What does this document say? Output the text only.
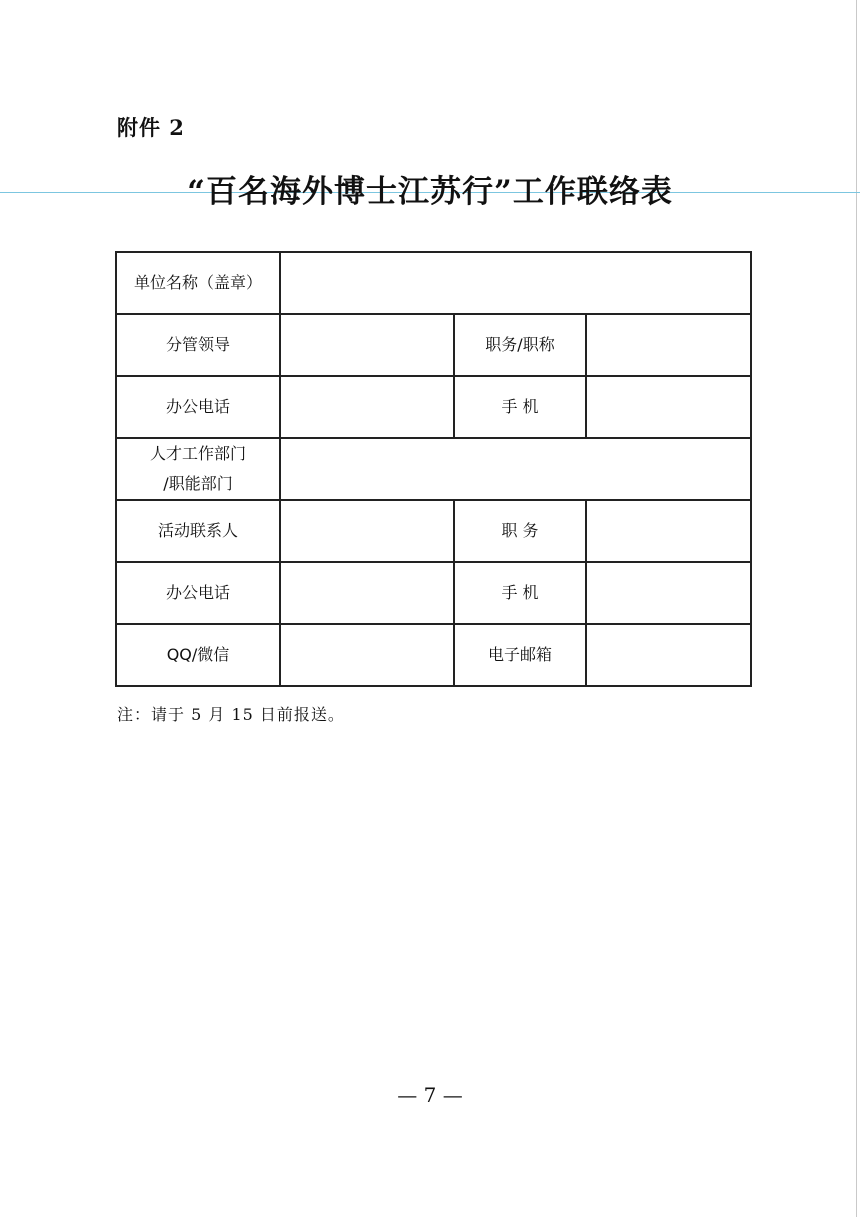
附件 2
“百名海外博士江苏行”工作联络表
单位名称（盖章）			
分管领导		职务/职称	
办公电话		手 机	

人才工作部门
/职能部门			

活动联系人		职 务	
办公电话		手 机	
QQ/微信		电子邮箱	
注：请于 5 月 15 日前报送。
— 7 —
